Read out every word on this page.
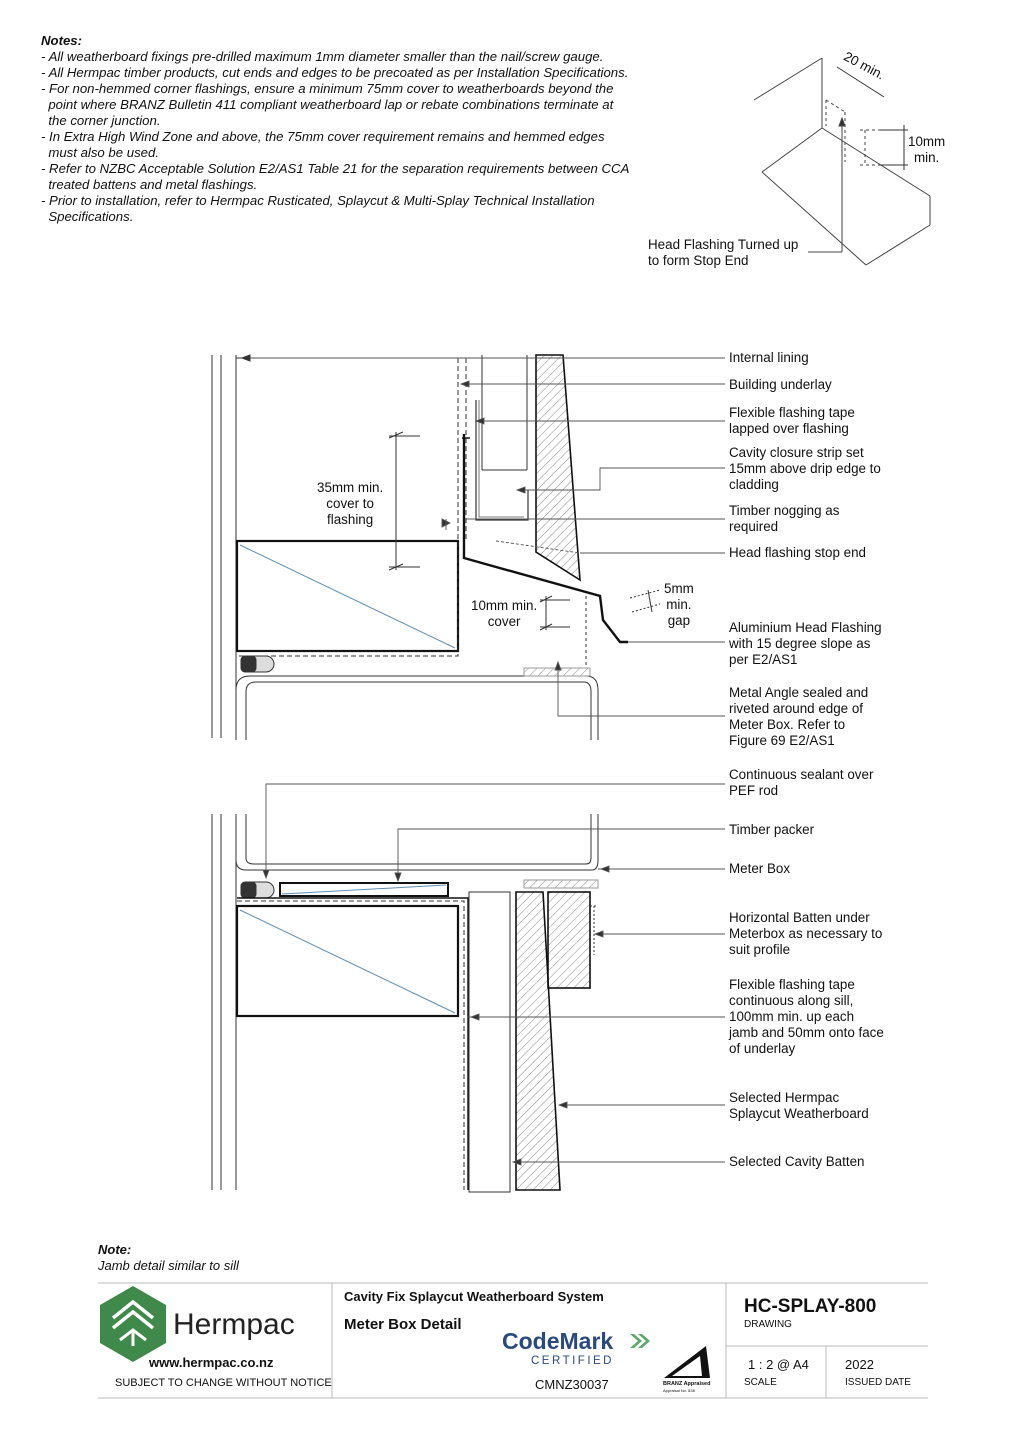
Notes:
- All weatherboard fixings pre-drilled maximum 1mm diameter smaller than the nail/screw gauge.
- All Hermpac timber products, cut ends and edges to be precoated as per Installation Specifications.
- For non-hemmed corner flashings, ensure a minimum 75mm cover to weatherboards beyond the
point where BRANZ Bulletin 411 compliant weatherboard lap or rebate combinations terminate at
the corner junction.
- In Extra High Wind Zone and above, the 75mm cover requirement remains and hemmed edges
must also be used.
- Refer to NZBC Acceptable Solution E2/AS1 Table 21 for the separation requirements between CCA
treated battens and metal flashings.
- Prior to installation, refer to Hermpac Rusticated, Splaycut & Multi-Splay Technical Installation
Specifications.
20 min.
10mm
min.
Head Flashing Turned up
to form Stop End
35mm min.
cover to
flashing
10mm min.
cover
5mm
min.
gap
Internal lining
Building underlay
Flexible flashing tape
lapped over flashing
Cavity closure strip set
15mm above drip edge to
cladding
Timber nogging as
required
Head flashing stop end
Aluminium Head Flashing
with 15 degree slope as
per E2/AS1
Metal Angle sealed and
riveted around edge of
Meter Box. Refer to
Figure 69 E2/AS1
Continuous sealant over
PEF rod
Timber packer
Meter Box
Horizontal Batten under
Meterbox as necessary to
suit profile
Flexible flashing tape
continuous along sill,
100mm min. up each
jamb and 50mm onto face
of underlay
Selected Hermpac
Splaycut Weatherboard
Selected Cavity Batten
Note:
Jamb detail similar to sill
Hermpac
www.hermpac.co.nz
SUBJECT TO CHANGE WITHOUT NOTICE
Cavity Fix Splaycut Weatherboard System
Meter Box Detail
CodeMark
CERTIFIED
CMNZ30037	BRANZ Appraised
Appraisal No. 838
HC-SPLAY-800
DRAWING
1 : 2 @ A4
SCALE
2022
ISSUED DATE
